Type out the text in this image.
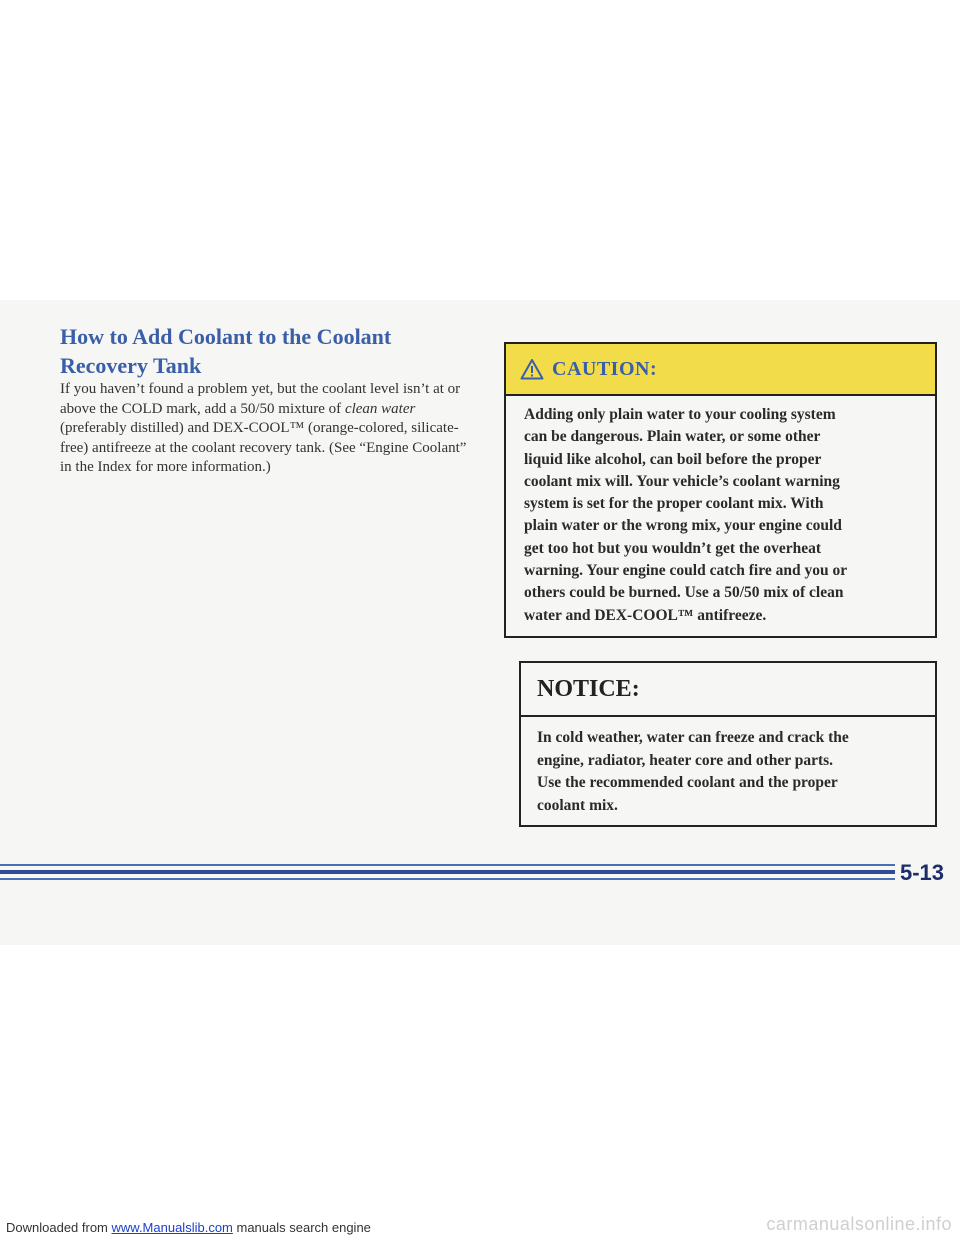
How to Add Coolant to the Coolant
Recovery Tank
If you haven’t found a problem yet, but the coolant level isn’t at or above the COLD mark, add a 50/50 mixture of clean water (preferably distilled) and DEX-COOL™ (orange-colored, silicate-free) antifreeze at the coolant recovery tank. (See “Engine Coolant” in the Index for more information.)
CAUTION:
Adding only plain water to your cooling system
can be dangerous. Plain water, or some other
liquid like alcohol, can boil before the proper
coolant mix will. Your vehicle’s coolant warning
system is set for the proper coolant mix. With
plain water or the wrong mix, your engine could
get too hot but you wouldn’t get the overheat
warning. Your engine could catch fire and you or
others could be burned. Use a 50/50 mix of clean
water and DEX-COOL™ antifreeze.
NOTICE:
In cold weather, water can freeze and crack the
engine, radiator, heater core and other parts.
Use the recommended coolant and the proper
coolant mix.
5-13
Downloaded from www.Manualslib.com manuals search engine	carmanualsonline.info
